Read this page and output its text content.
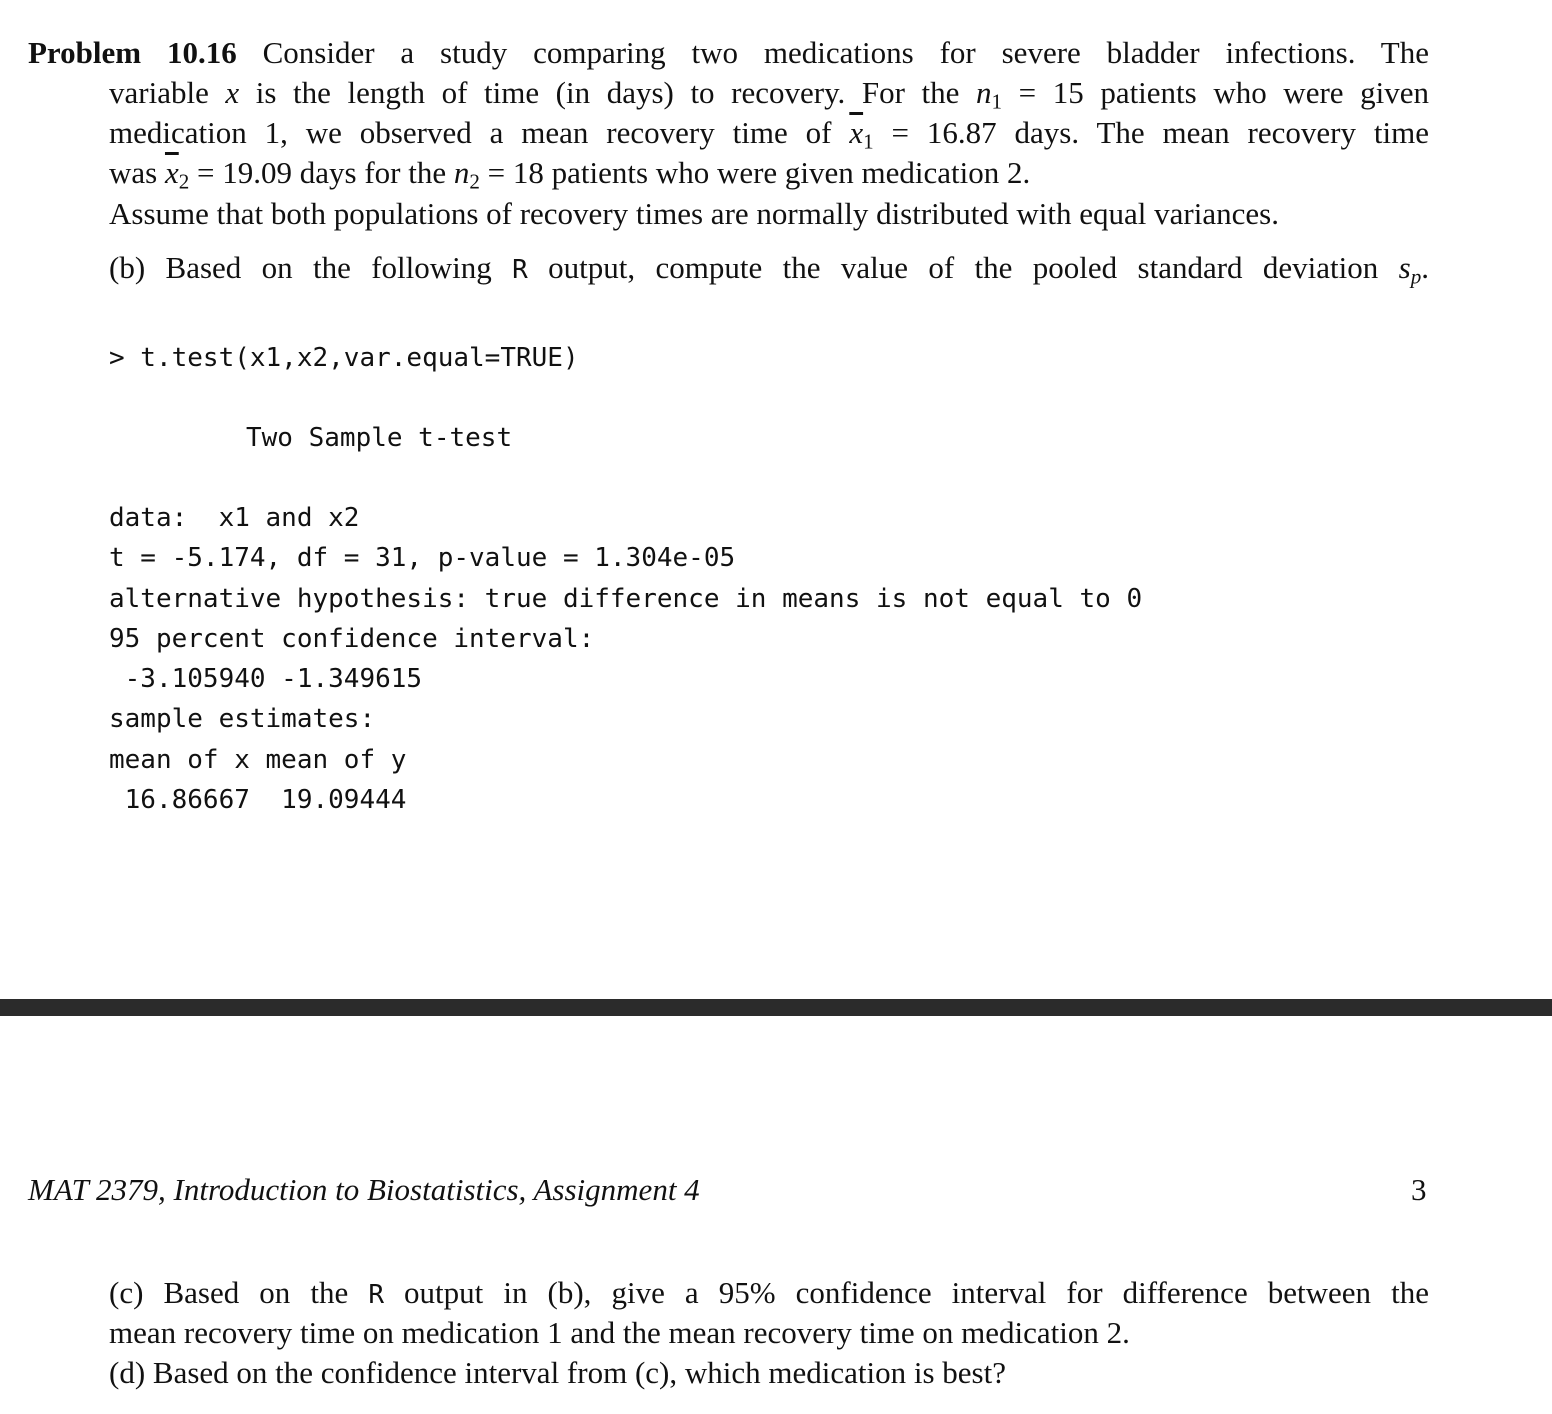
Problem 10.16 Consider a study comparing two medications for severe bladder infections. The
variable x is the length of time (in days) to recovery. For the $n_1 = 15$ patients who were given
medication 1, we observed a mean recovery time of $\overline{x}_1 = 16.87$ days. The mean recovery time
was $\overline{x}_2 = 19.09$ days for the $n_2 = 18$ patients who were given medication 2.
Assume that both populations of recovery times are normally distributed with equal variances.
(b) Based on the following R output, compute the value of the pooled standard deviation $s_p$.
> t.test(x1,x2,var.equal=TRUE)
Two Sample t-test
data:  x1 and x2
t = -5.174, df = 31, p-value = 1.304e-05
alternative hypothesis: true difference in means is not equal to 0
95 percent confidence interval:
-3.105940 -1.349615
sample estimates:
mean of x mean of y
16.86667  19.09444
MAT 2379, Introduction to Biostatistics, Assignment 4	3
(c) Based on the R output in (b), give a 95% confidence interval for difference between the
mean recovery time on medication 1 and the mean recovery time on medication 2.
(d) Based on the confidence interval from (c), which medication is best?
